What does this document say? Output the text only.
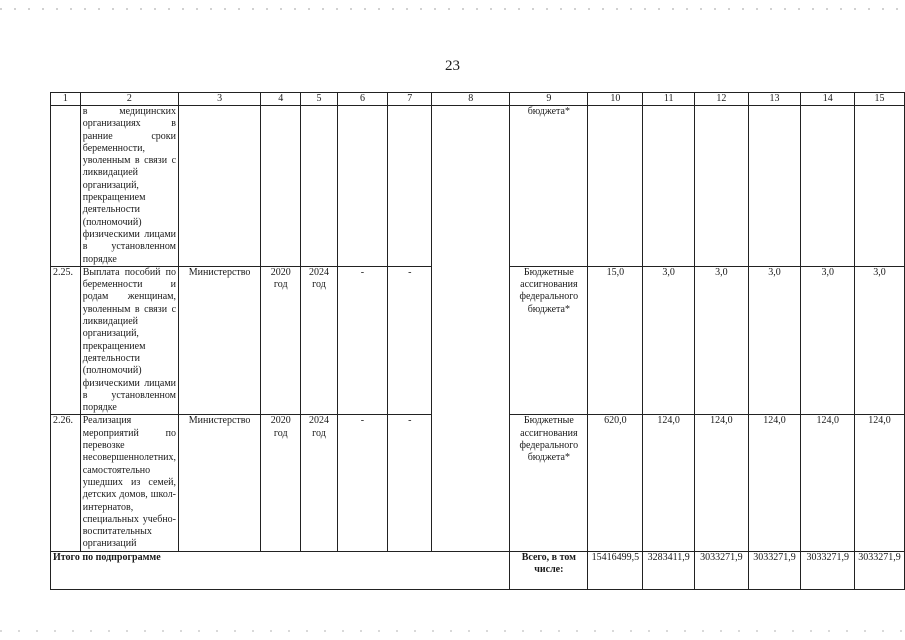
23
1	2	3	4	5	6	7	8	9	10	11	12	13	14	15
	в медицинских организациях в ранние сроки беременности, уволенным в связи с ликвидацией организаций, прекращением деятельности (полномочий) физическими лицами в установленном порядке							бюджета*						
2.25.	Выплата пособий по беременности и родам женщинам, уволенным в связи с ликвидацией организаций, прекращением деятельности (полномочий) физическими лицами в установленном порядке	Министерство	2020 год	2024 год	-	-		Бюджетные ассигнования федерального бюджета*	15,0	3,0	3,0	3,0	3,0	3,0
2.26.	Реализация мероприятий по перевозке несовершеннолетних, самостоятельно ушедших из семей, детских домов, школ-интернатов, специальных учебно-воспитательных организаций	Министерство	2020 год	2024 год	-	-		Бюджетные ассигнования федерального бюджета*	620,0	124,0	124,0	124,0	124,0	124,0
Итого по подпрограмме								Всего, в том числе:	15416499,5	3283411,9	3033271,9	3033271,9	3033271,9	3033271,9
